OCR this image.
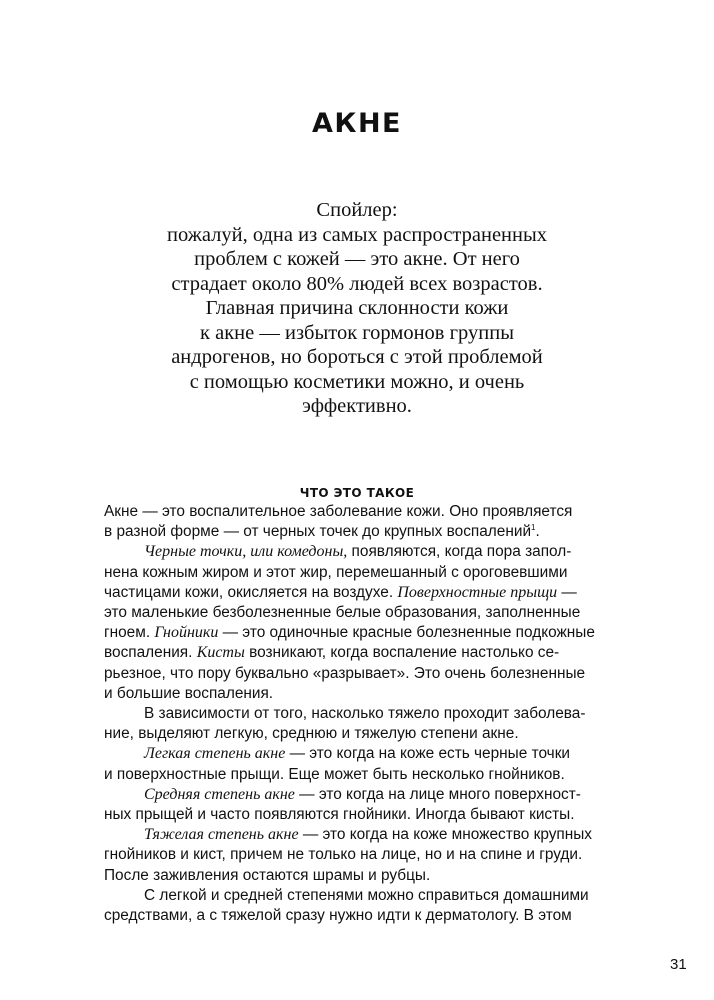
АКНЕ
Спойлер:
пожалуй, одна из самых распространенных
проблем с кожей — это акне. От него
страдает около 80% людей всех возрастов.
Главная причина склонности кожи
к акне — избыток гормонов группы
андрогенов, но бороться с этой проблемой
с помощью косметики можно, и очень
эффективно.
ЧТО ЭТО ТАКОЕ
Акне — это воспалительное заболевание кожи. Оно проявляется
в разной форме — от черных точек до крупных воспалений$^1$.
Черные точки, или комедоны, появляются, когда пора запол-
нена кожным жиром и этот жир, перемешанный с ороговевшими
частицами кожи, окисляется на воздухе. Поверхностные прыщи —
это маленькие безболезненные белые образования, заполненные
гноем. Гнойники — это одиночные красные болезненные подкожные
воспаления. Кисты возникают, когда воспаление настолько се-
рьезное, что пору буквально «разрывает». Это очень болезненные
и большие воспаления.
В зависимости от того, насколько тяжело проходит заболева-
ние, выделяют легкую, среднюю и тяжелую степени акне.
Легкая степень акне — это когда на коже есть черные точки
и поверхностные прыщи. Еще может быть несколько гнойников.
Средняя степень акне — это когда на лице много поверхност-
ных прыщей и часто появляются гнойники. Иногда бывают кисты.
Тяжелая степень акне — это когда на коже множество крупных
гнойников и кист, причем не только на лице, но и на спине и груди.
После заживления остаются шрамы и рубцы.
С легкой и средней степенями можно справиться домашними
средствами, а с тяжелой сразу нужно идти к дерматологу. В этом
31
